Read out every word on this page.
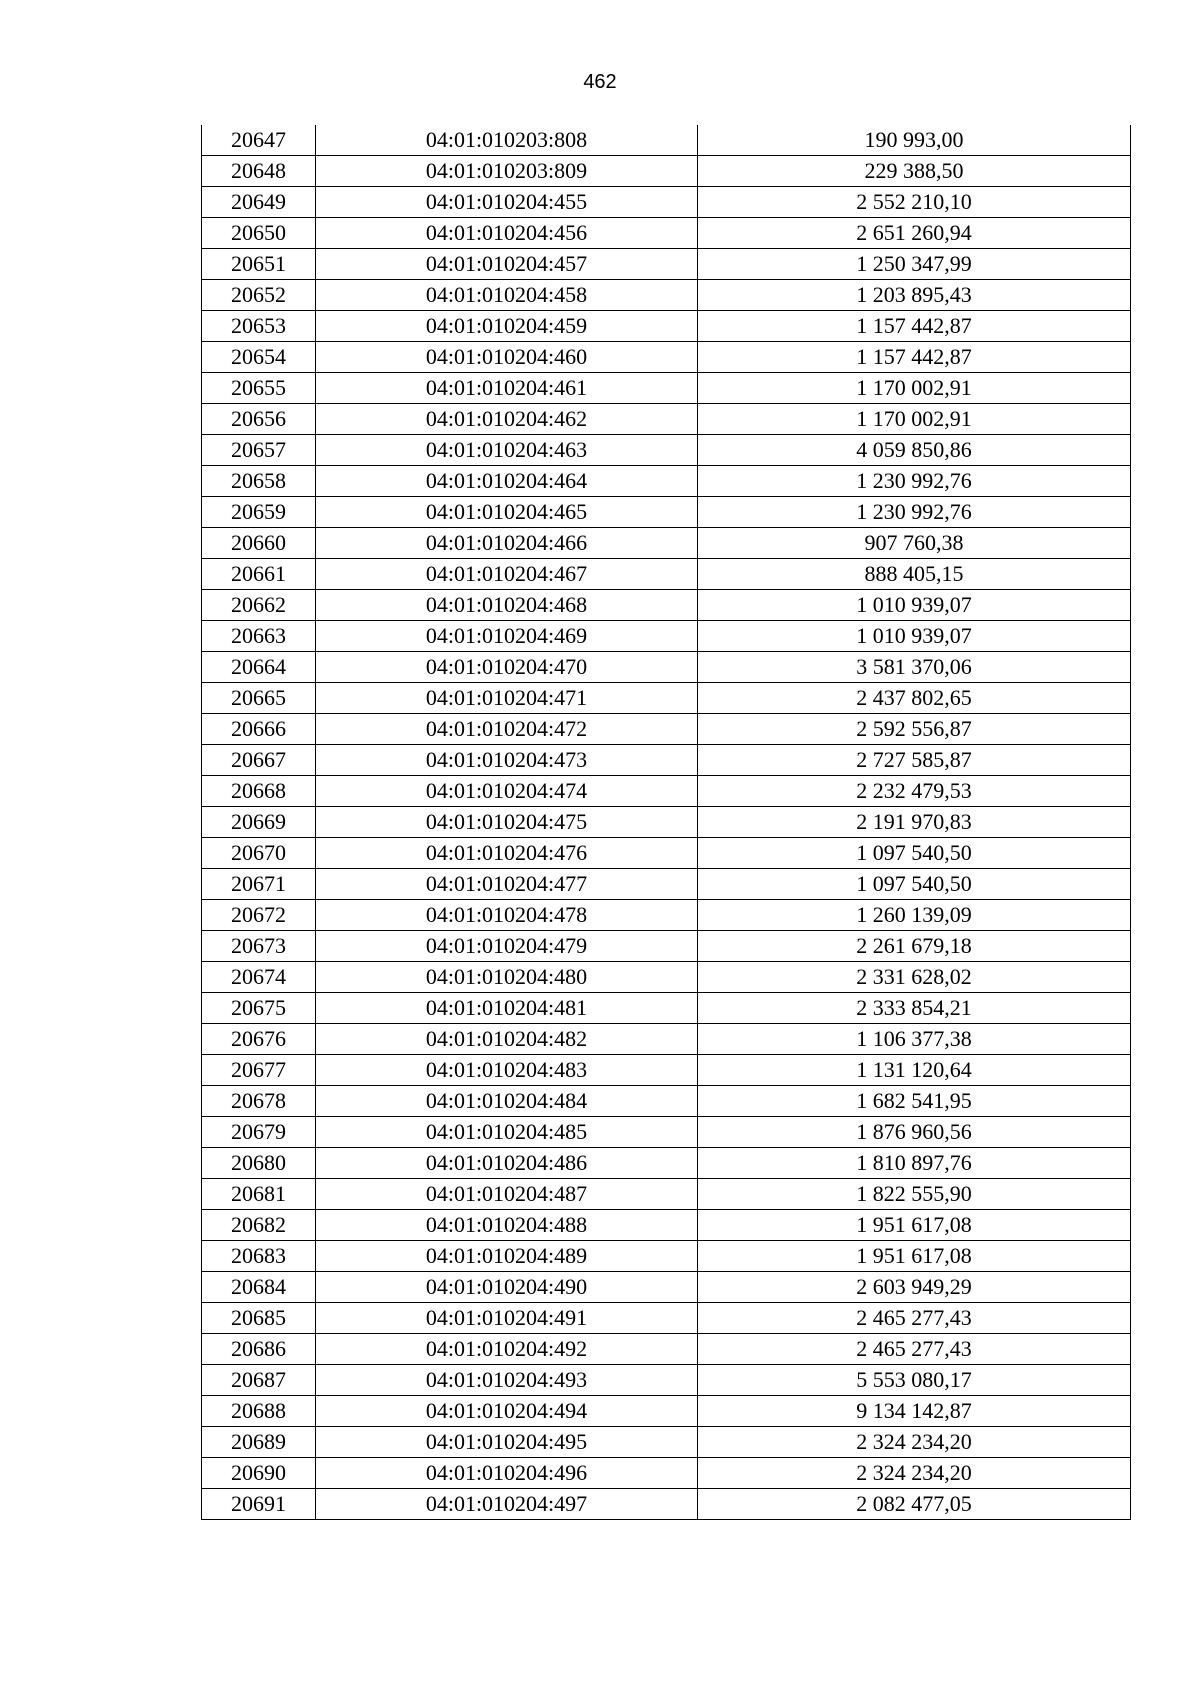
462
20647	04:01:010203:808	190 993,00
20648	04:01:010203:809	229 388,50
20649	04:01:010204:455	2 552 210,10
20650	04:01:010204:456	2 651 260,94
20651	04:01:010204:457	1 250 347,99
20652	04:01:010204:458	1 203 895,43
20653	04:01:010204:459	1 157 442,87
20654	04:01:010204:460	1 157 442,87
20655	04:01:010204:461	1 170 002,91
20656	04:01:010204:462	1 170 002,91
20657	04:01:010204:463	4 059 850,86
20658	04:01:010204:464	1 230 992,76
20659	04:01:010204:465	1 230 992,76
20660	04:01:010204:466	907 760,38
20661	04:01:010204:467	888 405,15
20662	04:01:010204:468	1 010 939,07
20663	04:01:010204:469	1 010 939,07
20664	04:01:010204:470	3 581 370,06
20665	04:01:010204:471	2 437 802,65
20666	04:01:010204:472	2 592 556,87
20667	04:01:010204:473	2 727 585,87
20668	04:01:010204:474	2 232 479,53
20669	04:01:010204:475	2 191 970,83
20670	04:01:010204:476	1 097 540,50
20671	04:01:010204:477	1 097 540,50
20672	04:01:010204:478	1 260 139,09
20673	04:01:010204:479	2 261 679,18
20674	04:01:010204:480	2 331 628,02
20675	04:01:010204:481	2 333 854,21
20676	04:01:010204:482	1 106 377,38
20677	04:01:010204:483	1 131 120,64
20678	04:01:010204:484	1 682 541,95
20679	04:01:010204:485	1 876 960,56
20680	04:01:010204:486	1 810 897,76
20681	04:01:010204:487	1 822 555,90
20682	04:01:010204:488	1 951 617,08
20683	04:01:010204:489	1 951 617,08
20684	04:01:010204:490	2 603 949,29
20685	04:01:010204:491	2 465 277,43
20686	04:01:010204:492	2 465 277,43
20687	04:01:010204:493	5 553 080,17
20688	04:01:010204:494	9 134 142,87
20689	04:01:010204:495	2 324 234,20
20690	04:01:010204:496	2 324 234,20
20691	04:01:010204:497	2 082 477,05
